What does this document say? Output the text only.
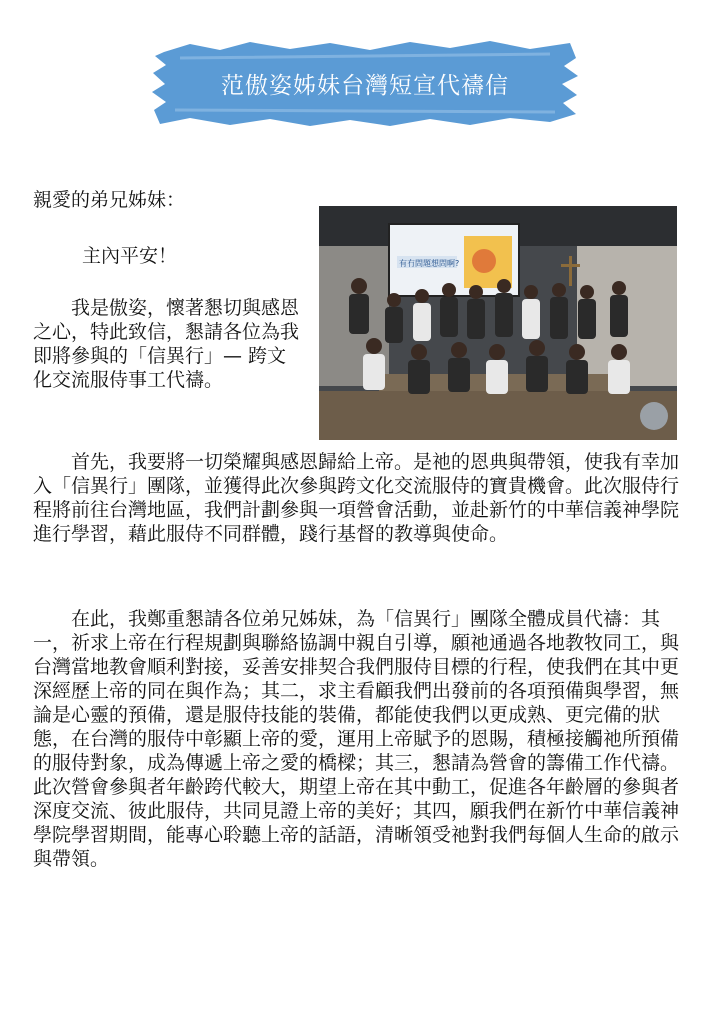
范傲姿姊妹台灣短宣代禱信
親愛的弟兄姊妹：
主內平安！
　　我是傲姿，懷著懇切與感恩之心，特此致信，懇請各位為我即將參與的「信異行」— 跨文化交流服侍事工代禱。
有冇問題想問啊?
　　首先，我要將一切榮耀與感恩歸給上帝。是祂的恩典與帶領，使我有幸加入「信異行」團隊，並獲得此次參與跨文化交流服侍的寶貴機會。此次服侍行程將前往台灣地區，我們計劃參與一項營會活動，並赴新竹的中華信義神學院進行學習，藉此服侍不同群體，踐行基督的教導與使命。
　　在此，我鄭重懇請各位弟兄姊妹，為「信異行」團隊全體成員代禱：其一，祈求上帝在行程規劃與聯絡協調中親自引導，願祂通過各地教牧同工，與台灣當地教會順利對接，妥善安排契合我們服侍目標的行程，使我們在其中更深經歷上帝的同在與作為；其二，求主看顧我們出發前的各項預備與學習，無論是心靈的預備，還是服侍技能的裝備，都能使我們以更成熟、更完備的狀態，在台灣的服侍中彰顯上帝的愛，運用上帝賦予的恩賜，積極接觸祂所預備的服侍對象，成為傳遞上帝之愛的橋樑；其三，懇請為營會的籌備工作代禱。此次營會參與者年齡跨代較大，期望上帝在其中動工，促進各年齡層的參與者深度交流、彼此服侍，共同見證上帝的美好；其四，願我們在新竹中華信義神學院學習期間，能專心聆聽上帝的話語，清晰領受祂對我們每個人生命的啟示與帶領。
